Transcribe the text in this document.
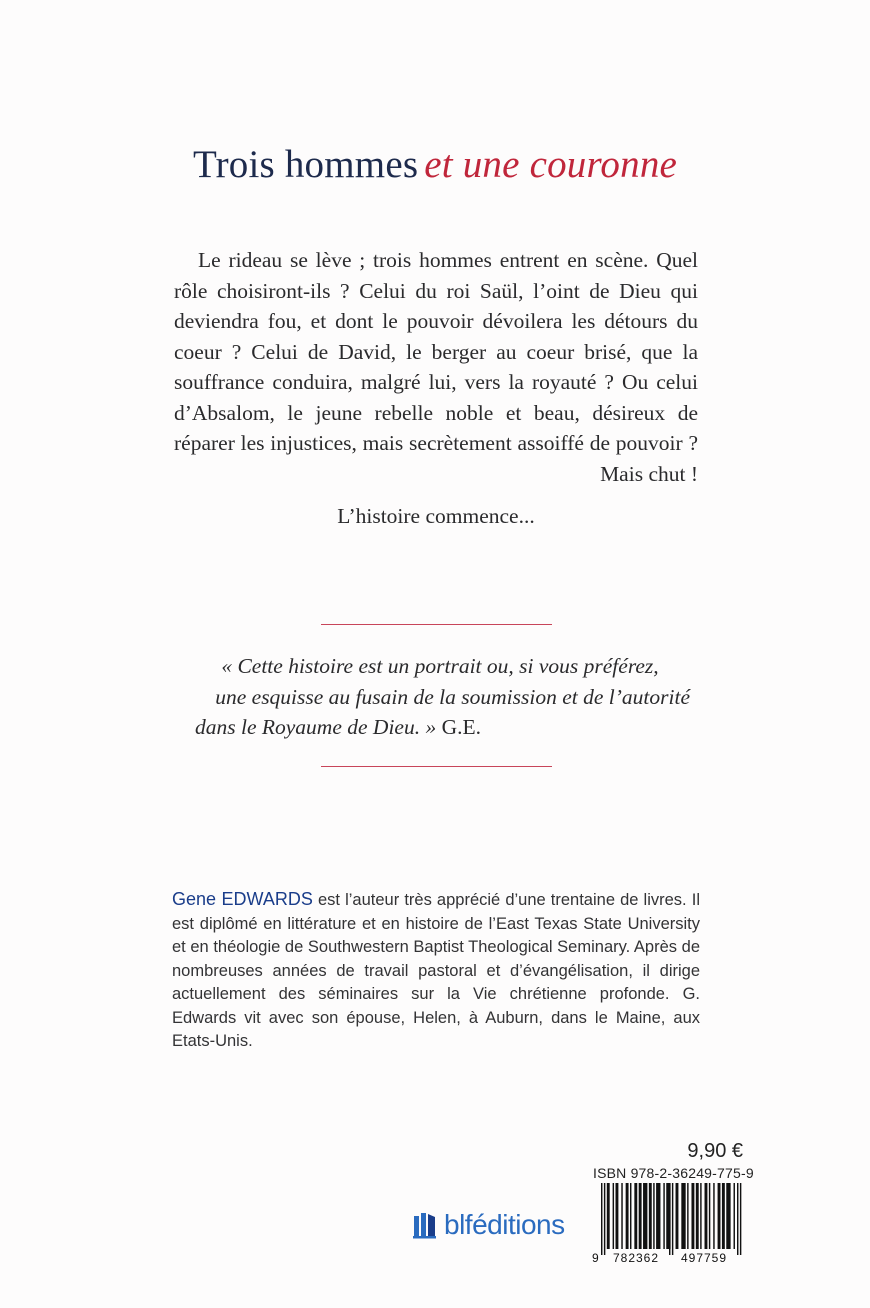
Trois hommes et une couronne

Le rideau se lève ; trois hommes entrent en scène. Quel rôle choisiront-ils ? Celui du roi Saül, l’oint de Dieu qui deviendra fou, et dont le pouvoir dévoilera les détours du coeur ? Celui de David, le berger au coeur brisé, que la souffrance conduira, malgré lui, vers la royauté ? Ou celui d’Absalom, le jeune rebelle noble et beau, désireux de réparer les injustices, mais secrètement assoiffé de pouvoir ? Mais chut !

L’histoire commence...

« Cette histoire est un portrait ou, si vous préférez,

une esquisse au fusain de la soumission et de l’autorité

dans le Royaume de Dieu. » G.E.

Gene EDWARDS est l’auteur très apprécié d’une trentaine de livres. Il est diplômé en littérature et en histoire de l’East Texas State University et en théologie de Southwestern Baptist Theological Seminary. Après de nombreuses années de travail pastoral et d’évangélisation, il dirige actuellement des séminaires sur la Vie chrétienne profonde. G. Edwards vit avec son épouse, Helen, à Auburn, dans le Maine, aux Etats-Unis.
9,90 €
ISBN 978-2-36249-775-9
9 782362 497759
blféditions
